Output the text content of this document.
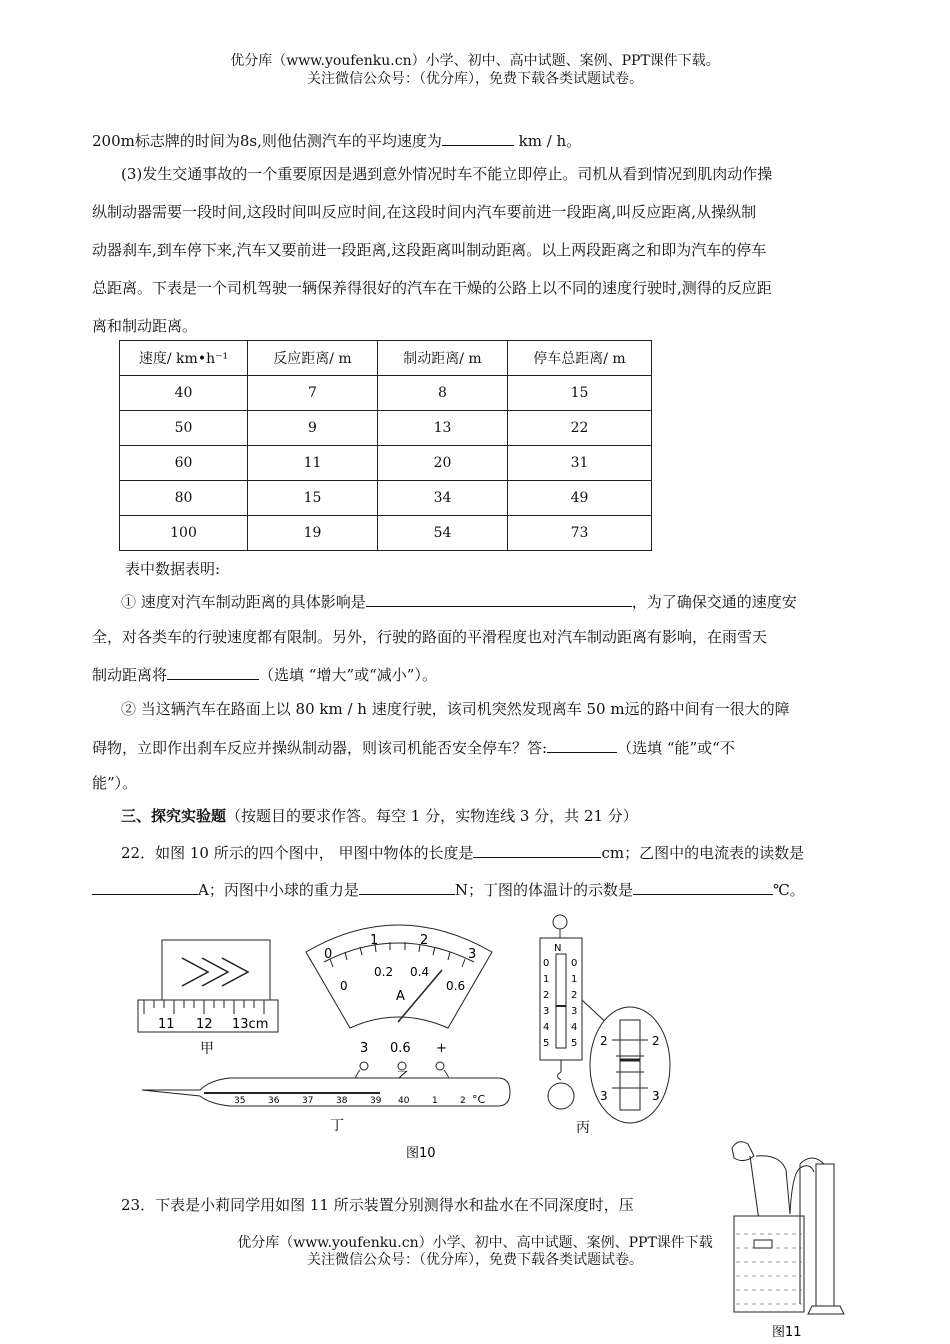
优分库（www.youfenku.cn）小学、初中、高中试题、案例、PPT课件下载。
关注微信公众号：（优分库），免费下载各类试题试卷。
200m标志牌的时间为8s,则他估测汽车的平均速度为	km / h。
(3)发生交通事故的一个重要原因是遇到意外情况时车不能立即停止。司机从看到情况到肌肉动作操
纵制动器需要一段时间,这段时间叫反应时间,在这段时间内汽车要前进一段距离,叫反应距离,从操纵制
动器刹车,到车停下来,汽车又要前进一段距离,这段距离叫制动距离。以上两段距离之和即为汽车的停车
总距离。下表是一个司机驾驶一辆保养得很好的汽车在干燥的公路上以不同的速度行驶时,测得的反应距
离和制动距离。
速度/ km•h⁻¹	反应距离/ m	制动距离/ m	停车总距离/ m
40	7	8	15
50	9	13	22
60	11	20	31
80	15	34	49
100	19	54	73
表中数据表明:
① 速度对汽车制动距离的具体影响是	，为了确保交通的速度安
全，对各类车的行驶速度都有限制。另外，行驶的路面的平滑程度也对汽车制动距离有影响，在雨雪天
制动距离将	（选填 “增大”或“减小”）。
② 当这辆汽车在路面上以 80 km / h 速度行驶，该司机突然发现离车 50 m远的路中间有一很大的障
碍物，立即作出刹车反应并操纵制动器，则该司机能否安全停车？答:	（选填 “能”或“不
能”）。
三、探究实验题（按题目的要求作答。每空 1 分，实物连线 3 分，共 21 分）
22．如图 10 所示的四个图中， 甲图中物体的长度是	cm；乙图中的电流表的读数是
A；丙图中小球的重力是	N；丁图的体温计的示数是	℃。
11 12 13cm
甲
0
1	2
3
0
0.2 0.4
0.6
A
3 0.6 +
35	36	37	38	39 40	1 2 °C
丁
图10
N
0
1
2
3
4
5
0
1
2
3
4
5
丙
2	2
3	3
23．下表是小莉同学用如图 11 所示装置分别测得水和盐水在不同深度时，压
优分库（www.youfenku.cn）小学、初中、高中试题、案例、PPT课件下载
关注微信公众号：（优分库），免费下载各类试题试卷。
图11
